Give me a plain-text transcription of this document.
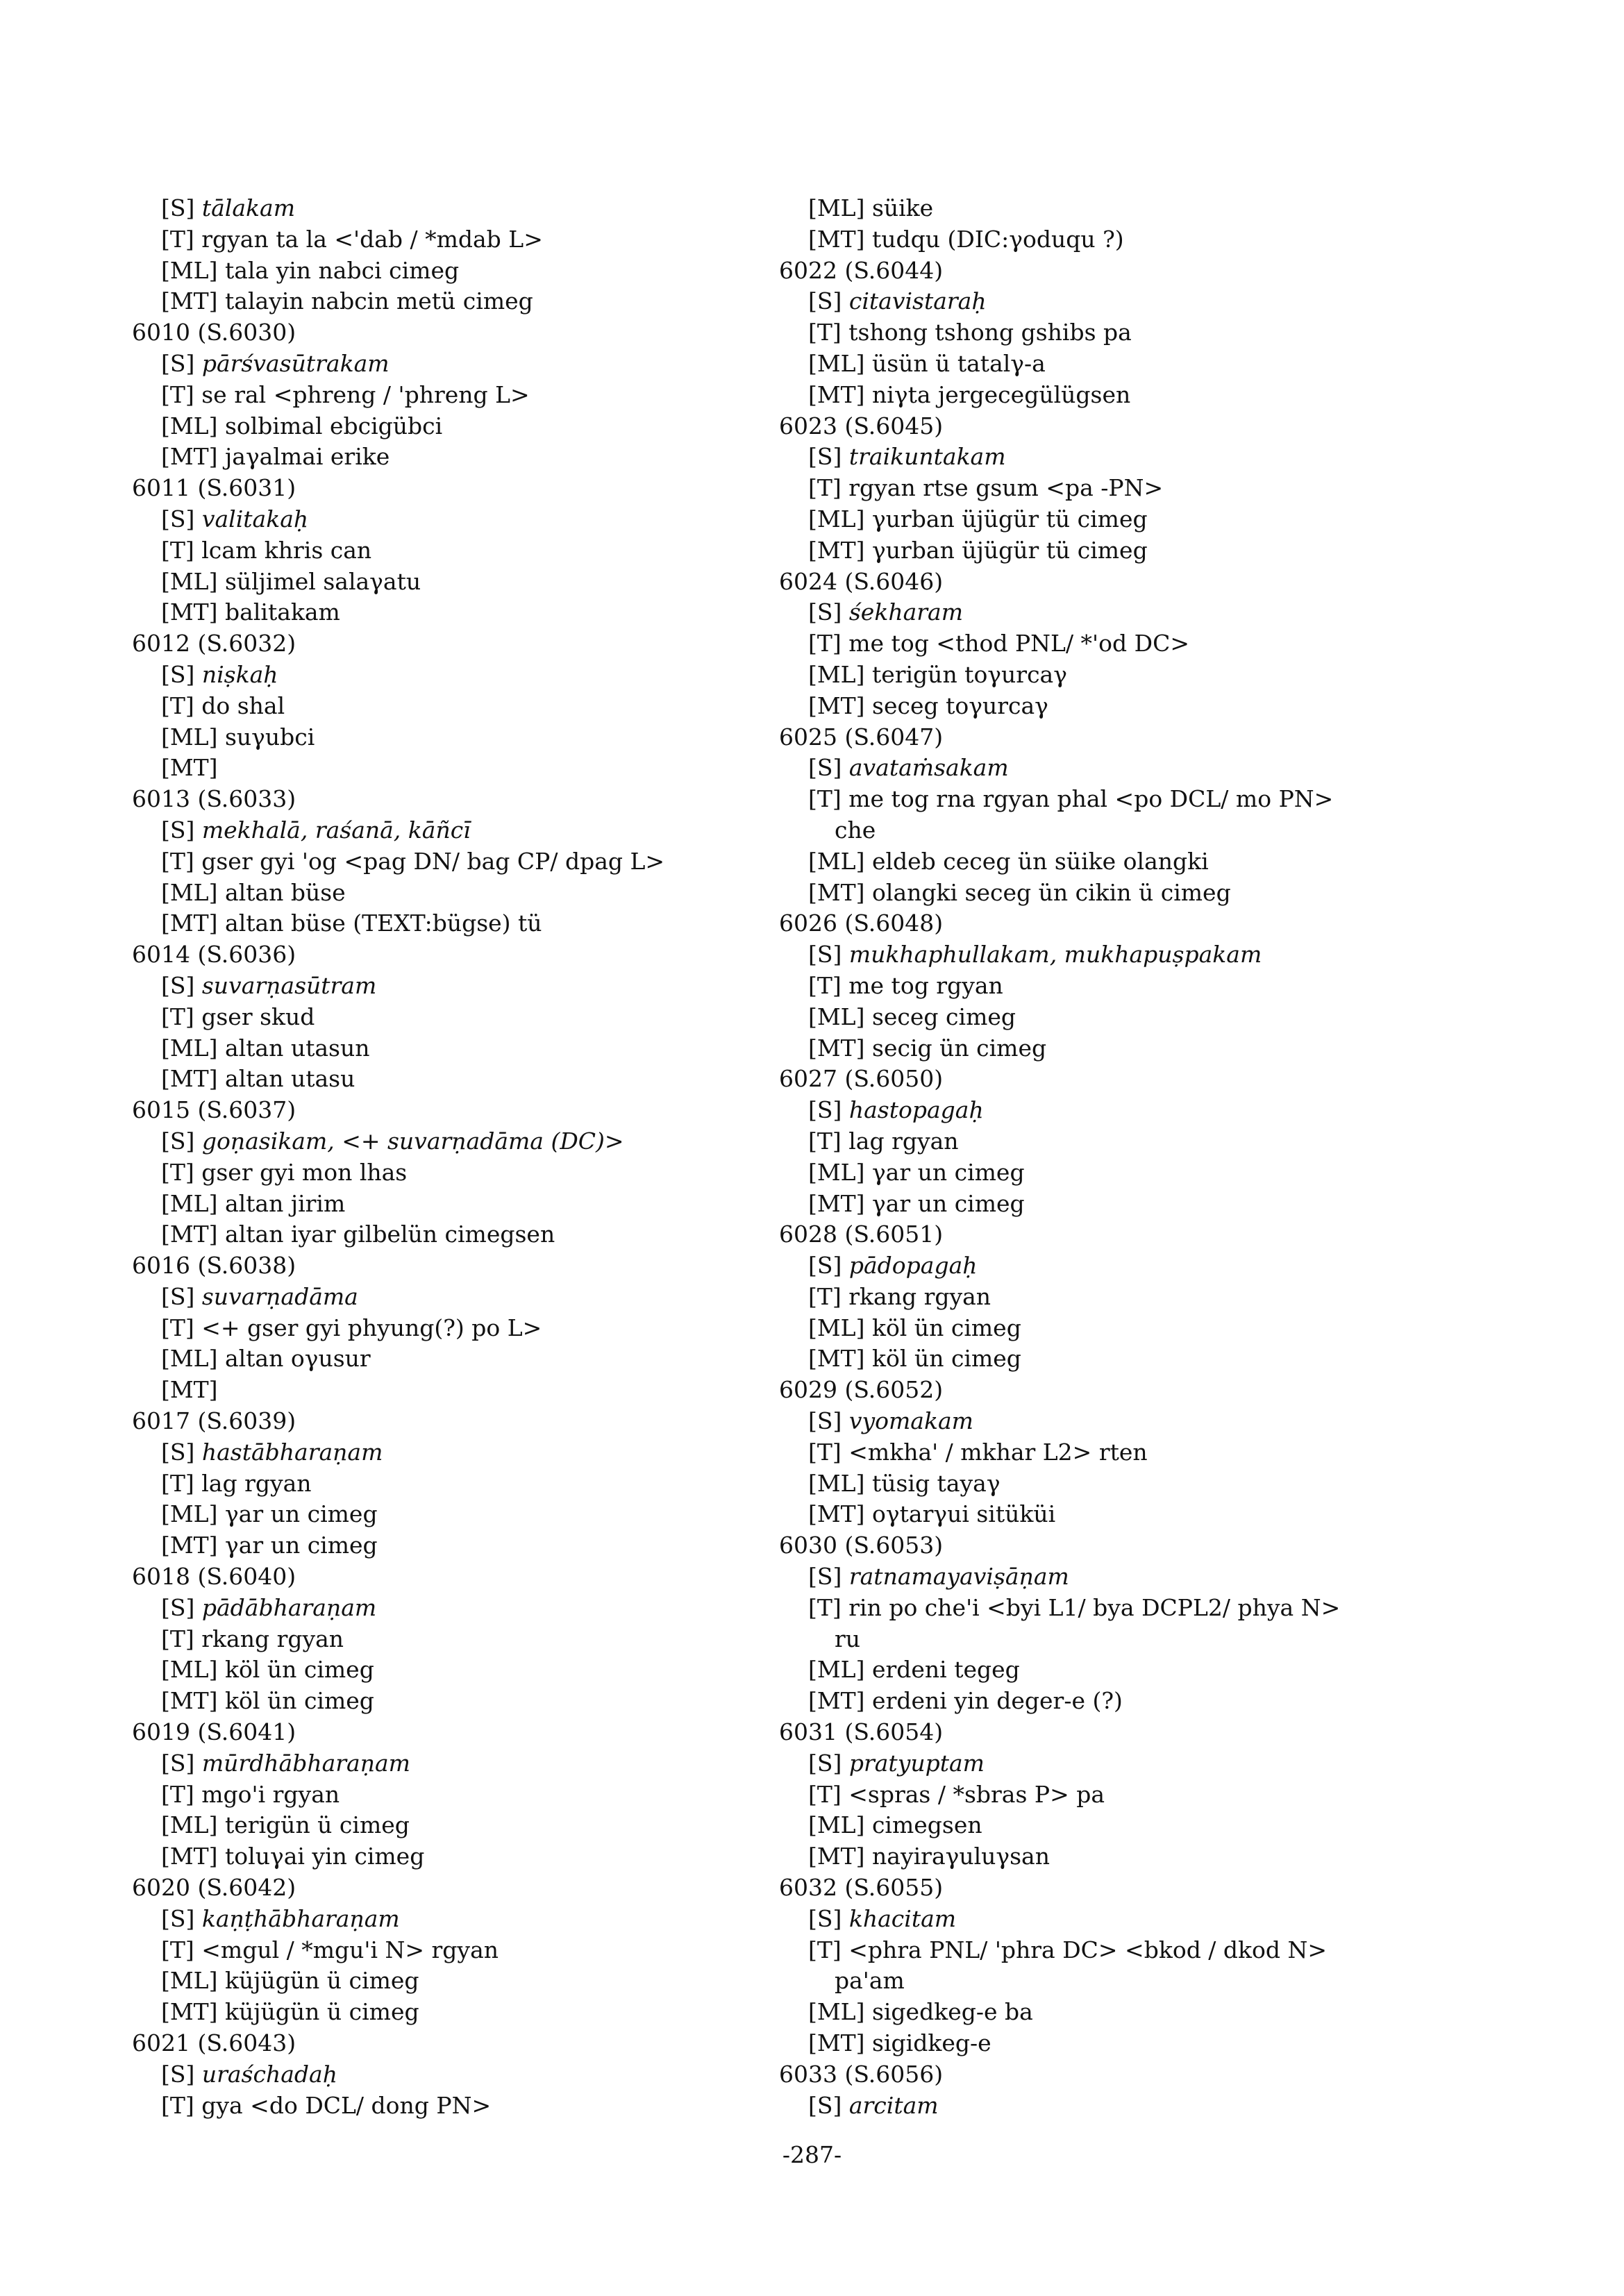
[S] tālakam
[T] rgyan ta la <'dab / *mdab L>
[ML] tala yin nabci cimeg
[MT] talayin nabcin metü cimeg
6010 (S.6030)
[S] pārśvasūtrakam
[T] se ral <phreng / 'phreng L>
[ML] solbimal ebcigübci
[MT] jaγalmai erike
6011 (S.6031)
[S] valitakaḥ
[T] lcam khris can
[ML] süljimel salaγatu
[MT] balitakam
6012 (S.6032)
[S] niṣkaḥ
[T] do shal
[ML] suγubci
[MT]
6013 (S.6033)
[S] mekhalā, raśanā, kāñcī
[T] gser gyi 'og <pag DN/ bag CP/ dpag L>
[ML] altan büse
[MT] altan büse (TEXT:bügse) tü
6014 (S.6036)
[S] suvarṇasūtram
[T] gser skud
[ML] altan utasun
[MT] altan utasu
6015 (S.6037)
[S] goṇasikam, <+ suvarṇadāma (DC)>
[T] gser gyi mon lhas
[ML] altan jirim
[MT] altan iyar gilbelün cimegsen
6016 (S.6038)
[S] suvarṇadāma
[T] <+ gser gyi phyung(?) po L>
[ML] altan oγusur
[MT]
6017 (S.6039)
[S] hastābharaṇam
[T] lag rgyan
[ML] γar un cimeg
[MT] γar un cimeg
6018 (S.6040)
[S] pādābharaṇam
[T] rkang rgyan
[ML] köl ün cimeg
[MT] köl ün cimeg
6019 (S.6041)
[S] mūrdhābharaṇam
[T] mgo'i rgyan
[ML] terigün ü cimeg
[MT] toluγai yin cimeg
6020 (S.6042)
[S] kaṇṭhābharaṇam
[T] <mgul / *mgu'i N> rgyan
[ML] küjügün ü cimeg
[MT] küjügün ü cimeg
6021 (S.6043)
[S] uraśchadaḥ
[T] gya <do DCL/ dong PN>
[ML] süike
[MT] tudqu (DIC:γoduqu ?)
6022 (S.6044)
[S] citavistaraḥ
[T] tshong tshong gshibs pa
[ML] üsün ü tatalγ-a
[MT] niγta jergecegülügsen
6023 (S.6045)
[S] traikuntakam
[T] rgyan rtse gsum <pa -PN>
[ML] γurban üjügür tü cimeg
[MT] γurban üjügür tü cimeg
6024 (S.6046)
[S] śekharam
[T] me tog <thod PNL/ *'od DC>
[ML] terigün toγurcaγ
[MT] seceg toγurcaγ
6025 (S.6047)
[S] avataṁsakam
[T] me tog rna rgyan phal <po DCL/ mo PN>
che
[ML] eldeb ceceg ün süike olangki
[MT] olangki seceg ün cikin ü cimeg
6026 (S.6048)
[S] mukhaphullakam, mukhapuṣpakam
[T] me tog rgyan
[ML] seceg cimeg
[MT] secig ün cimeg
6027 (S.6050)
[S] hastopagaḥ
[T] lag rgyan
[ML] γar un cimeg
[MT] γar un cimeg
6028 (S.6051)
[S] pādopagaḥ
[T] rkang rgyan
[ML] köl ün cimeg
[MT] köl ün cimeg
6029 (S.6052)
[S] vyomakam
[T] <mkha' / mkhar L2> rten
[ML] tüsig tayaγ
[MT] oγtarγui sitüküi
6030 (S.6053)
[S] ratnamayaviṣāṇam
[T] rin po che'i <byi L1/ bya DCPL2/ phya N>
ru
[ML] erdeni tegeg
[MT] erdeni yin deger-e (?)
6031 (S.6054)
[S] pratyuptam
[T] <spras / *sbras P> pa
[ML] cimegsen
[MT] nayiraγuluγsan
6032 (S.6055)
[S] khacitam
[T] <phra PNL/ 'phra DC> <bkod / dkod N>
pa'am
[ML] sigedkeg-e ba
[MT] sigidkeg-e
6033 (S.6056)
[S] arcitam
-287-
